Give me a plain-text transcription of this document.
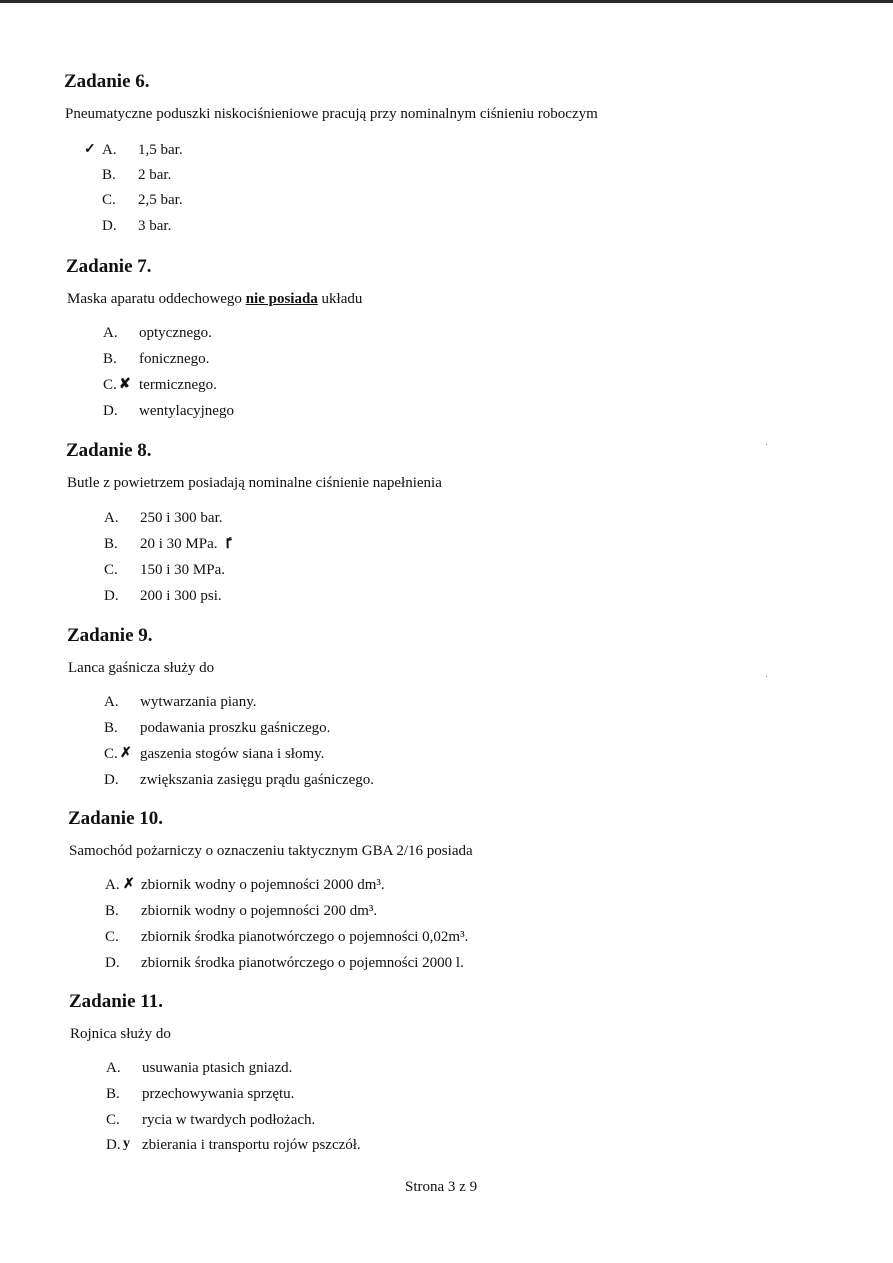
Zadanie 6.

Pneumatyczne poduszki niskociśnieniowe pracują przy nominalnym ciśnieniu roboczym

✓ A. 1,5 bar.
B. 2 bar.
C. 2,5 bar.
D. 3 bar.
Zadanie 7.

Maska aparatu oddechowego nie posiada układu

A. optycznego.
B. fonicznego.
C. ✘ termicznego.
D. wentylacyjnego
Zadanie 8.

Butle z powietrzem posiadają nominalne ciśnienie napełnienia

A. 250 i 300 bar.
B. 20 i 30 MPa. ٵ
C. 150 i 30 MPa.
D. 200 i 300 psi.
Zadanie 9.

Lanca gaśnicza służy do

A. wytwarzania piany.
B. podawania proszku gaśniczego.
C. ✗ gaszenia stogów siana i słomy.
D. zwiększania zasięgu prądu gaśniczego.
Zadanie 10.

Samochód pożarniczy o oznaczeniu taktycznym GBA 2/16 posiada

A. ✗ zbiornik wodny o pojemności 2000 dm³.
B. zbiornik wodny o pojemności 200 dm³.
C. zbiornik środka pianotwórczego o pojemności 0,02m³.
D. zbiornik środka pianotwórczego o pojemności 2000 l.
Zadanie 11.

Rojnica służy do

A. usuwania ptasich gniazd.
B. przechowywania sprzętu.
C. rycia w twardych podłożach.
D. y zbierania i transportu rojów pszczół.
·
·

Strona 3 z 9
